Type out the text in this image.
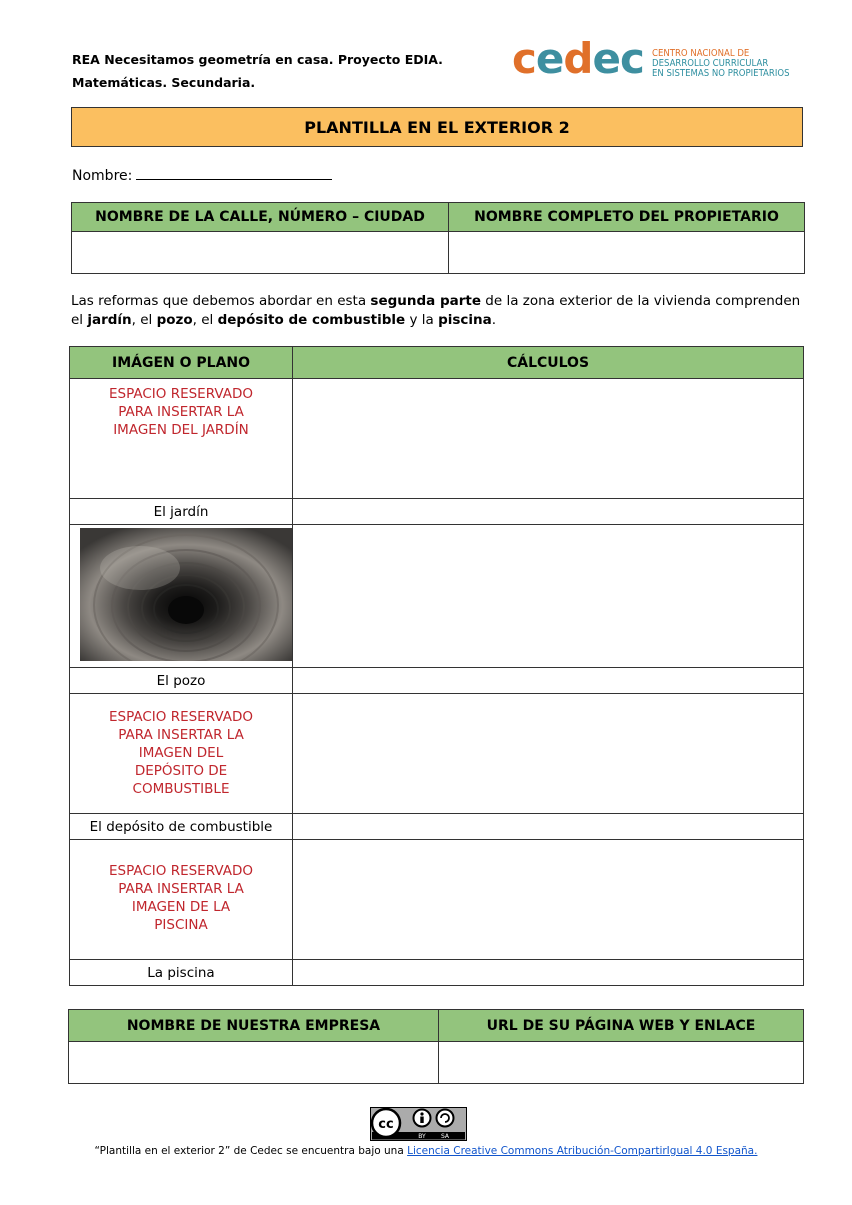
REA Necesitamos geometría en casa. Proyecto EDIA.
Matemáticas. Secundaria.	cedec CENTRO NACIONAL DE
DESARROLLO CURRICULAR
EN SISTEMAS NO PROPIETARIOS
PLANTILLA EN EL EXTERIOR 2
Nombre:
NOMBRE DE LA CALLE, NÚMERO – CIUDAD	NOMBRE COMPLETO DEL PROPIETARIO

Las reformas que debemos abordar en esta segunda parte de la zona exterior de la vivienda comprenden el jardín, el pozo, el depósito de combustible y la piscina.
IMÁGEN O PLANO	CÁLCULOS

ESPACIO RESERVADO
PARA INSERTAR LA
IMAGEN DEL JARDÍN	

El jardín	

El pozo	

ESPACIO RESERVADO
PARA INSERTAR LA
IMAGEN DEL
DEPÓSITO DE
COMBUSTIBLE	

El depósito de combustible	

ESPACIO RESERVADO
PARA INSERTAR LA
IMAGEN DE LA
PISCINA	

La piscina	
NOMBRE DE NUESTRA EMPRESA	URL DE SU PÁGINA WEB Y ENLACE

cc
BY	SA
“Plantilla en el exterior 2” de Cedec se encuentra bajo una Licencia Creative Commons Atribución-CompartirIgual 4.0 España.
